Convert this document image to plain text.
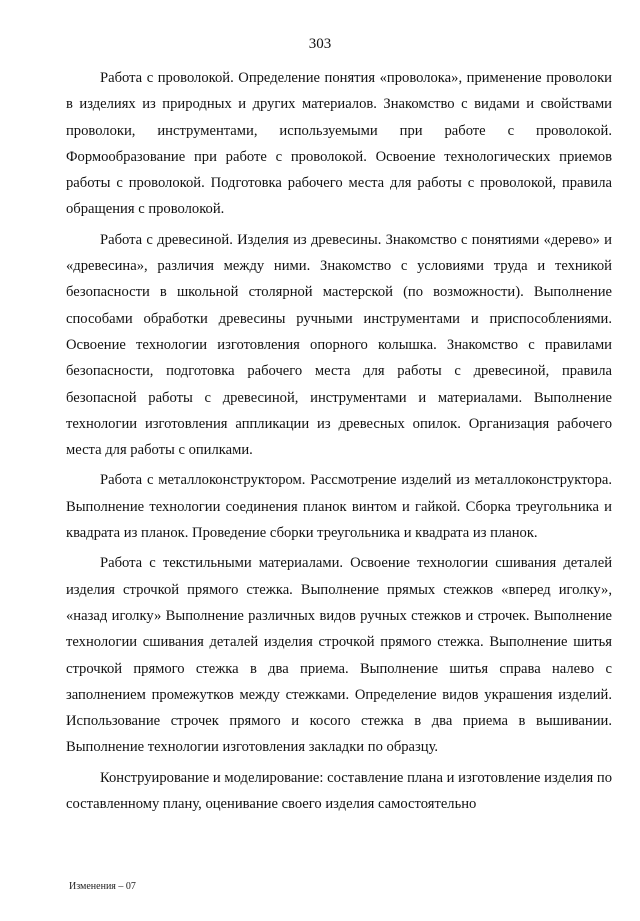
303

Работа с проволокой. Определение понятия «проволока», применение проволоки в изделиях из природных и других материалов. Знакомство с видами и свойствами проволоки, инструментами, используемыми при работе с проволокой. Формообразование при работе с проволокой. Освоение технологических приемов работы с проволокой. Подготовка рабочего места для работы с проволокой, правила обращения с проволокой.

Работа с древесиной. Изделия из древесины. Знакомство с понятиями «дерево» и «древесина», различия между ними. Знакомство с условиями труда и техникой безопасности в школьной столярной мастерской (по возможности). Выполнение способами обработки древесины ручными инструментами и приспособлениями. Освоение технологии изготовления опорного колышка. Знакомство с правилами безопасности, подготовка рабочего места для работы с древесиной, правила безопасной работы с древесиной, инструментами и материалами. Выполнение технологии изготовления аппликации из древесных опилок. Организация рабочего места для работы с опилками.

Работа с металлоконструктором. Рассмотрение изделий из металлоконструктора. Выполнение технологии соединения планок винтом и гайкой. Сборка треугольника и квадрата из планок. Проведение сборки треугольника и квадрата из планок.

Работа с текстильными материалами. Освоение технологии сшивания деталей изделия строчкой прямого стежка. Выполнение прямых стежков «вперед иголку», «назад иголку» Выполнение различных видов ручных стежков и строчек. Выполнение технологии сшивания деталей изделия строчкой прямого стежка. Выполнение шитья строчкой прямого стежка в два приема. Выполнение шитья справа налево с заполнением промежутков между стежками. Определение видов украшения изделий. Использование строчек прямого и косого стежка в два приема в вышивании. Выполнение технологии изготовления закладки по образцу.

Конструирование и моделирование: составление плана и изготовление изделия по составленному плану, оценивание своего изделия самостоятельно

Изменения – 07
